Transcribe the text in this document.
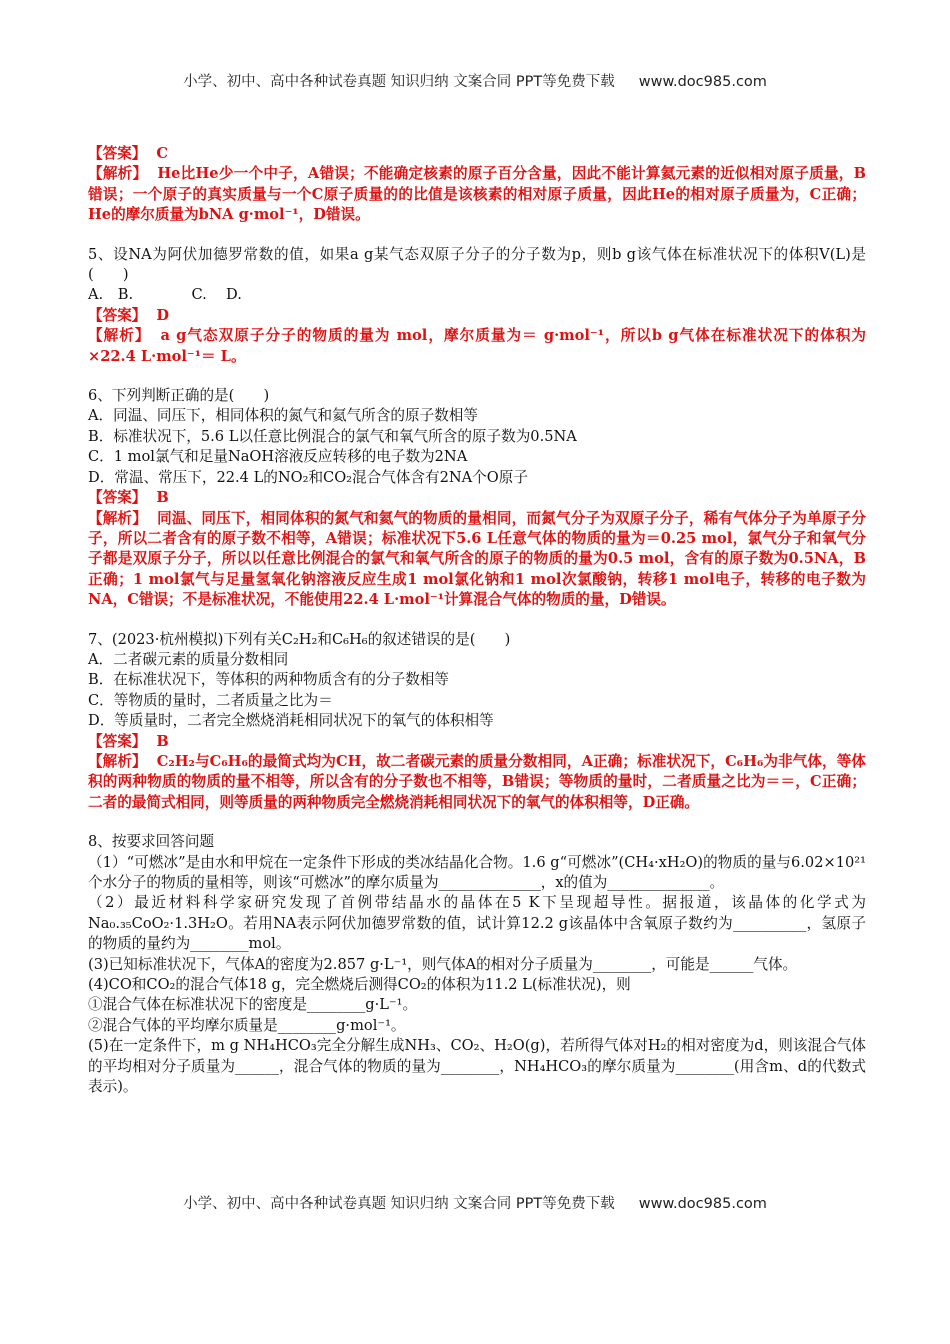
小学、初中、高中各种试卷真题 知识归纳 文案合同 PPT等免费下载 www.doc985.com

【答案】 C

【解析】 He比He少一个中子，A错误；不能确定核素的原子百分含量，因此不能计算氦元素的近似相对原子质量，B错误；一个原子的真实质量与一个C原子质量的的比值是该核素的相对原子质量，因此He的相对原子质量为，C正确；He的摩尔质量为bNA g·mol⁻¹，D错误。

5、设NA为阿伏加德罗常数的值，如果a g某气态双原子分子的分子数为p，则b g该气体在标准状况下的体积V(L)是(　　)

A.　B.　　　　C.　 D.

【答案】 D

【解析】 a g气态双原子分子的物质的量为 mol，摩尔质量为＝ g·mol⁻¹，所以b g气体在标准状况下的体积为×22.4 L·mol⁻¹＝ L。

6、下列判断正确的是(　　)

A．同温、同压下，相同体积的氮气和氦气所含的原子数相等

B．标准状况下，5.6 L以任意比例混合的氯气和氧气所含的原子数为0.5NA

C．1 mol氯气和足量NaOH溶液反应转移的电子数为2NA

D．常温、常压下，22.4 L的NO₂和CO₂混合气体含有2NA个O原子

【答案】 B

【解析】 同温、同压下，相同体积的氮气和氦气的物质的量相同，而氮气分子为双原子分子，稀有气体分子为单原子分子，所以二者含有的原子数不相等，A错误；标准状况下5.6 L任意气体的物质的量为＝0.25 mol，氯气分子和氧气分子都是双原子分子，所以以任意比例混合的氯气和氧气所含的原子的物质的量为0.5 mol，含有的原子数为0.5NA，B正确；1 mol氯气与足量氢氧化钠溶液反应生成1 mol氯化钠和1 mol次氯酸钠，转移1 mol电子，转移的电子数为NA，C错误；不是标准状况，不能使用22.4 L·mol⁻¹计算混合气体的物质的量，D错误。

7、(2023·杭州模拟)下列有关C₂H₂和C₆H₆的叙述错误的是(　　)

A．二者碳元素的质量分数相同

B．在标准状况下，等体积的两种物质含有的分子数相等

C．等物质的量时，二者质量之比为＝

D．等质量时，二者完全燃烧消耗相同状况下的氧气的体积相等

【答案】 B

【解析】 C₂H₂与C₆H₆的最简式均为CH，故二者碳元素的质量分数相同，A正确；标准状况下，C₆H₆为非气体，等体积的两种物质的物质的量不相等，所以含有的分子数也不相等，B错误；等物质的量时，二者质量之比为＝＝，C正确；二者的最简式相同，则等质量的两种物质完全燃烧消耗相同状况下的氧气的体积相等，D正确。

8、按要求回答问题

（1）“可燃冰”是由水和甲烷在一定条件下形成的类冰结晶化合物。1.6 g“可燃冰”(CH₄·xH₂O)的物质的量与6.02×10²¹个水分子的物质的量相等，则该“可燃冰”的摩尔质量为______________，x的值为______________。

（2）最近材料科学家研究发现了首例带结晶水的晶体在5 K下呈现超导性。据报道，该晶体的化学式为Na₀.₃₅CoO₂·1.3H₂O。若用NA表示阿伏加德罗常数的值，试计算12.2 g该晶体中含氧原子数约为__________，氢原子的物质的量约为________mol。

(3)已知标准状况下，气体A的密度为2.857 g·L⁻¹，则气体A的相对分子质量为________，可能是______气体。

(4)CO和CO₂的混合气体18 g，完全燃烧后测得CO₂的体积为11.2 L(标准状况)，则

①混合气体在标准状况下的密度是________g·L⁻¹。

②混合气体的平均摩尔质量是________g·mol⁻¹。

(5)在一定条件下，m g NH₄HCO₃完全分解生成NH₃、CO₂、H₂O(g)，若所得气体对H₂的相对密度为d，则该混合气体的平均相对分子质量为______，混合气体的物质的量为________，NH₄HCO₃的摩尔质量为________(用含m、d的代数式表示)。

小学、初中、高中各种试卷真题 知识归纳 文案合同 PPT等免费下载 www.doc985.com
